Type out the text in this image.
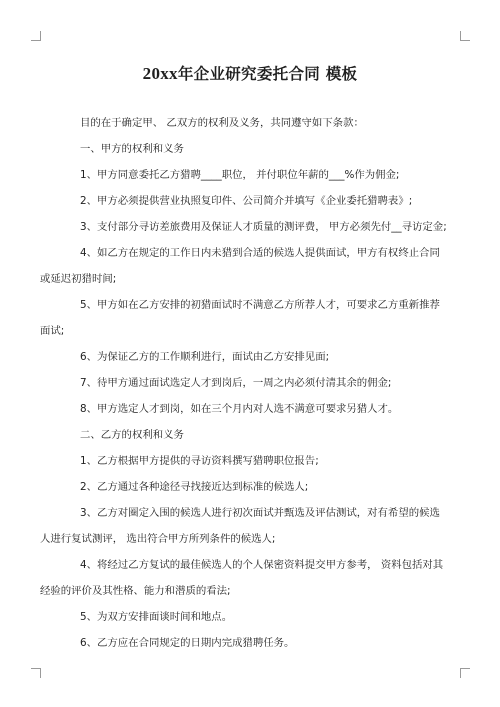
20xx年企业研究委托合同 模板

目的在于确定甲、 乙双方的权利及义务，共同遵守如下条款：

一、甲方的权利和义务

1、甲方同意委托乙方猎聘____职位， 并付职位年薪的___%作为佣金;

2、甲方必须提供营业执照复印件、公司简介并填写《企业委托猎聘表》;

3、支付部分寻访差旅费用及保证人才质量的测评费， 甲方必须先付__寻访定金;

4、如乙方在规定的工作日内未猎到合适的候选人提供面试，甲方有权终止合同

或延迟初猎时间;

5、甲方如在乙方安排的初猎面试时不满意乙方所荐人才，可要求乙方重新推荐

面试;

6、为保证乙方的工作顺利进行，面试由乙方安排见面;

7、待甲方通过面试选定人才到岗后，一周之内必须付清其余的佣金;

8、甲方选定人才到岗，如在三个月内对人选不满意可要求另猎人才。

二、乙方的权利和义务

1、乙方根据甲方提供的寻访资料撰写猎聘职位报告;

2、乙方通过各种途径寻找接近达到标准的候选人;

3、乙方对圈定入围的候选人进行初次面试并甄选及评估测试，对有希望的候选

人进行复试测评， 选出符合甲方所列条件的候选人;

4、将经过乙方复试的最佳候选人的个人保密资料提交甲方参考， 资料包括对其

经验的评价及其性格、能力和潜质的看法;

5、为双方安排面谈时间和地点。

6、乙方应在合同规定的日期内完成猎聘任务。
